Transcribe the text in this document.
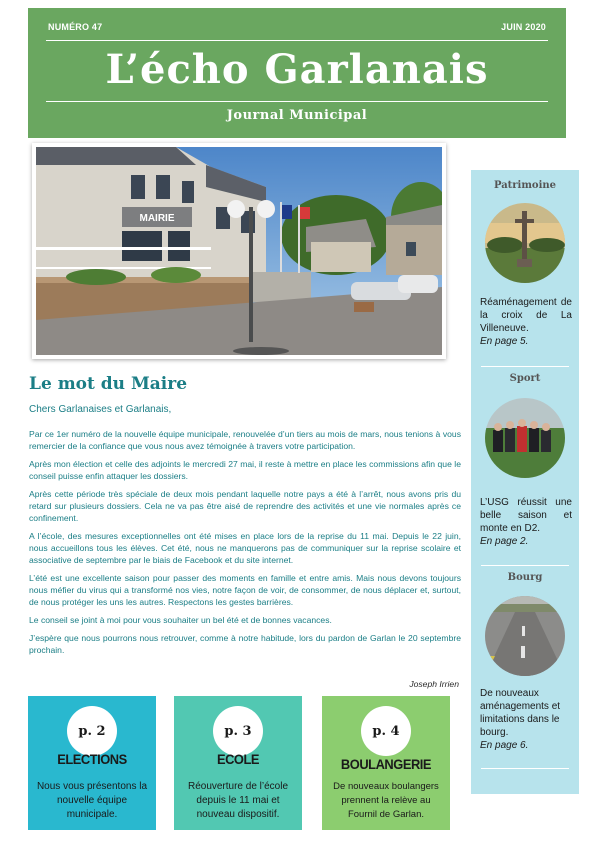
NUMÉRO 47	JUIN 2020
L’écho Garlanais
Journal Municipal
MAIRIE
Le mot du Maire
Chers Garlanaises et Garlanais,

Par ce 1er numéro de la nouvelle équipe municipale, renouvelée d’un tiers au mois de mars, nous tenions à vous remercier de la confiance que vous nous avez témoignée à travers votre participation.

Après mon élection et celle des adjoints le mercredi 27 mai, il reste à mettre en place les commissions afin que le conseil puisse enfin attaquer les dossiers.

Après cette période très spéciale de deux mois pendant laquelle notre pays a été à l’arrêt, nous avons pris du retard sur plusieurs dossiers. Cela ne va pas être aisé de reprendre des activités et une vie normales après ce confinement.

A l’école, des mesures exceptionnelles ont été mises en place lors de la reprise du 11 mai. Depuis le 22 juin, nous accueillons tous les élèves. Cet été, nous ne manquerons pas de communiquer sur la reprise scolaire et associative de septembre par le biais de Facebook et du site internet.

L’été est une excellente saison pour passer des moments en famille et entre amis. Mais nous devons toujours nous méfier du virus qui a transformé nos vies, notre façon de voir, de consommer, de nous déplacer et, surtout, de nous protéger les uns les autres. Respectons les gestes barrières.

Le conseil se joint à moi pour vous souhaiter un bel été et de bonnes vacances.

J’espère que nous pourrons nous retrouver, comme à notre habitude, lors du pardon de Garlan le 20 septembre prochain.

Joseph Irrien
Patrimoine
Réaménagement de la croix de La Villeneuve.
En page 5.
Sport
L’USG réussit une belle saison et monte en D2.
En page 2.
Bourg
De nouveaux aménagements et limitations dans le bourg.
En page 6.
p. 2
ELECTIONS
Nous vous présentons la nouvelle équipe municipale.
p. 3
ECOLE
Réouverture de l’école depuis le 11 mai et nouveau dispositif.
p. 4
BOULANGERIE
De nouveaux boulangers prennent la relève au Fournil de Garlan.
